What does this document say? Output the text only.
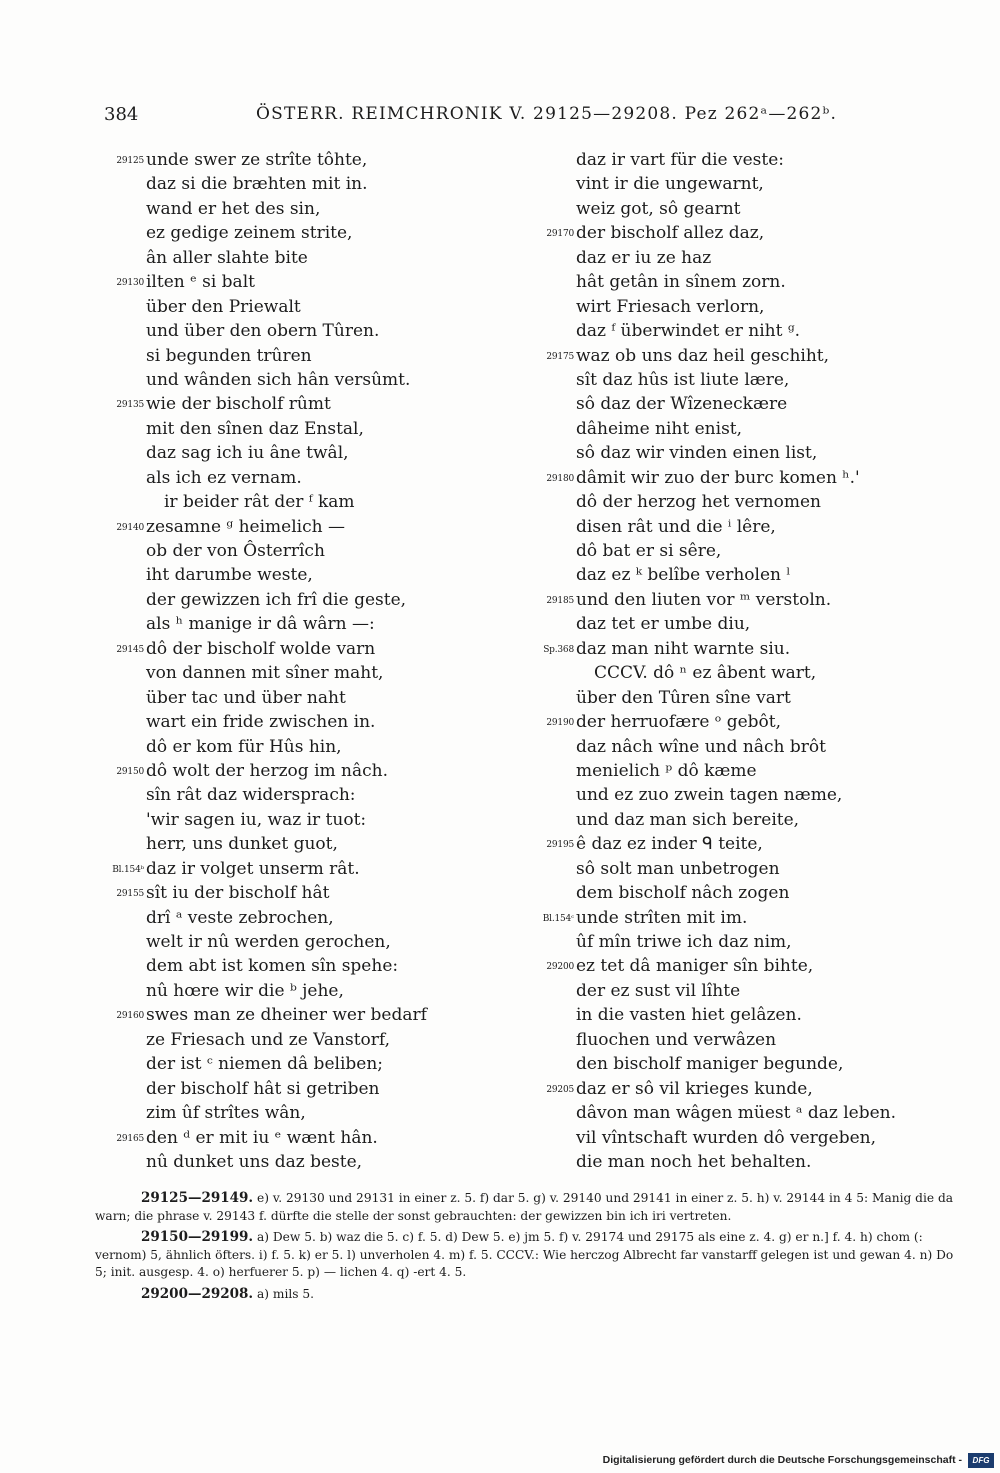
384	ÖSTERR. REIMCHRONIK V. 29125—29208. Pez 262ᵃ—262ᵇ.
29125 unde swer ze strîte tôhte,
daz si die bræhten mit in.
wand er het des sin,
ez gedige zeinem strite,
ân aller slahte bite
29130 ilten ᵉ si balt
über den Priewalt
und über den obern Tûren.
si begunden trûren
und wânden sich hân versûmt.
29135 wie der bischolf rûmt
mit den sînen daz Enstal,
daz sag ich iu âne twâl,
als ich ez vernam.
ir beider rât der ᶠ kam
29140 zesamne ᵍ heimelich —
ob der von Ôsterrîch
iht darumbe weste,
der gewizzen ich frî die geste,
als ʰ manige ir dâ wârn —:
29145 dô der bischolf wolde varn
von dannen mit sîner maht,
über tac und über naht
wart ein fride zwischen in.
dô er kom für Hûs hin,
29150 dô wolt der herzog im nâch.
sîn rât daz widersprach:
'wir sagen iu, waz ir tuot:
herr, uns dunket guot,
Bl.154ᵇ daz ir volget unserm rât.
29155 sît iu der bischolf hât
drî ᵃ veste zebrochen,
welt ir nû werden gerochen,
dem abt ist komen sîn spehe:
nû hœre wir die ᵇ jehe,
29160 swes man ze dheiner wer bedarf
ze Friesach und ze Vanstorf,
der ist ᶜ niemen dâ beliben;
der bischolf hât si getriben
zim ûf strîtes wân,
29165 den ᵈ er mit iu ᵉ wænt hân.
nû dunket uns daz beste,
daz ir vart für die veste:
vint ir die ungewarnt,
weiz got, sô gearnt
29170 der bischolf allez daz,
daz er iu ze haz
hât getân in sînem zorn.
wirt Friesach verlorn,
daz ᶠ überwindet er niht ᵍ.
29175 waz ob uns daz heil geschiht,
sît daz hûs ist liute lære,
sô daz der Wîzeneckære
dâheime niht enist,
sô daz wir vinden einen list,
29180 dâmit wir zuo der burc komen ʰ.'
dô der herzog het vernomen
disen rât und die ⁱ lêre,
dô bat er si sêre,
daz ez ᵏ belîbe verholen ˡ
29185 und den liuten vor ᵐ verstoln.
daz tet er umbe diu,
Sp.368 daz man niht warnte siu.
CCCV. dô ⁿ ez âbent wart,
über den Tûren sîne vart
29190 der herruofære ᵒ gebôt,
daz nâch wîne und nâch brôt
menielich ᵖ dô kæme
und ez zuo zwein tagen næme,
und daz man sich bereite,
29195 ê daz ez inder ᑫ teite,
sô solt man unbetrogen
dem bischolf nâch zogen
Bl.154ᶜ unde strîten mit im.
ûf mîn triwe ich daz nim,
29200 ez tet dâ maniger sîn bihte,
der ez sust vil lîhte
in die vasten hiet gelâzen.
fluochen und verwâzen
den bischolf maniger begunde,
29205 daz er sô vil krieges kunde,
dâvon man wâgen müest ᵃ daz leben.
vil vîntschaft wurden dô vergeben,
die man noch het behalten.

29125—29149. e) v. 29130 und 29131 in einer z. 5. f) dar 5. g) v. 29140 und 29141 in einer z. 5. h) v. 29144 in 4 5: Manig die da warn; die phrase v. 29143 f. dürfte die stelle der sonst gebrauchten: der gewizzen bin ich iri vertreten.

29150—29199. a) Dew 5. b) waz die 5. c) f. 5. d) Dew 5. e) jm 5. f) v. 29174 und 29175 als eine z. 4. g) er n.] f. 4. h) chom (: vernom) 5, ähnlich öfters. i) f. 5. k) er 5. l) unverholen 4. m) f. 5. CCCV.: Wie herczog Albrecht far vanstarff gelegen ist und gewan 4. n) Do 5; init. ausgesp. 4. o) herfuerer 5. p) — lichen 4. q) -ert 4. 5.

29200—29208. a) mils 5.

Digitalisierung gefördert durch die Deutsche Forschungsgemeinschaft -	DFG
